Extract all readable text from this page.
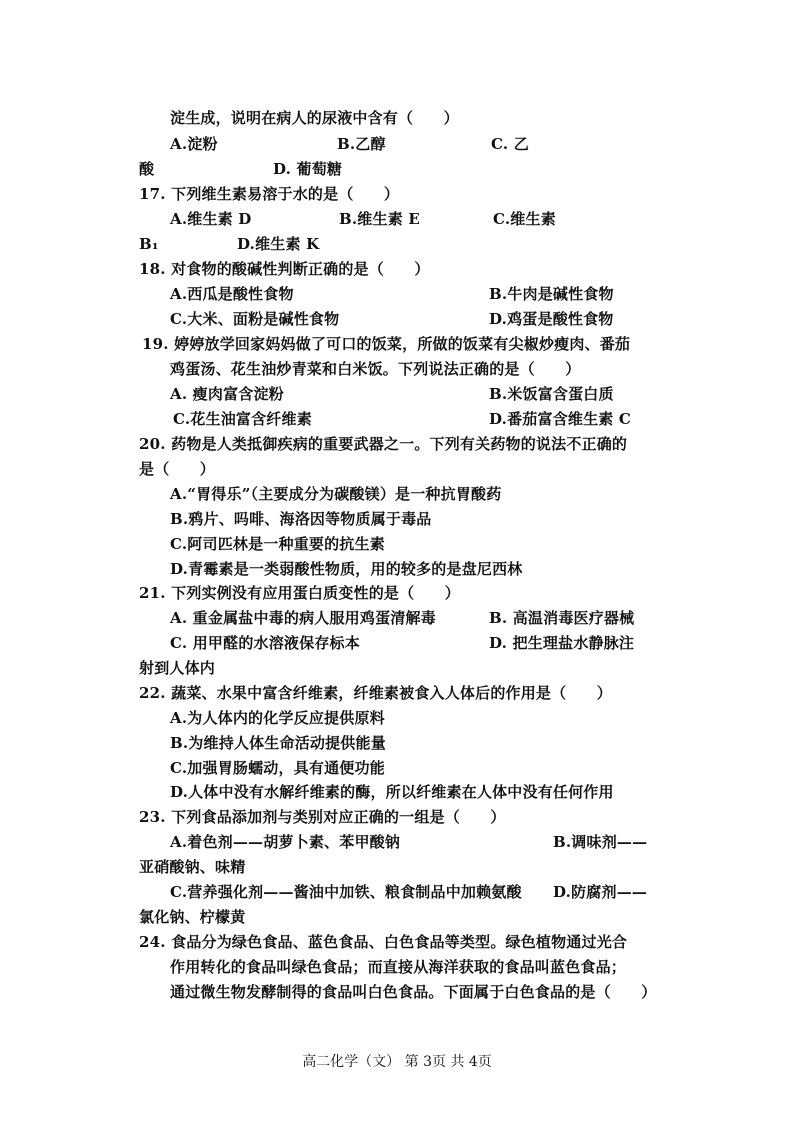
淀生成，说明在病人的尿液中含有（　　）
A.淀粉	B.乙醇	C. 乙
酸	D. 葡萄糖
17. 下列维生素易溶于水的是（　　）
A.维生素 D	B.维生素 E	C.维生素
B₁	D.维生素 K
18. 对食物的酸碱性判断正确的是（　　）
A.西瓜是酸性食物	B.牛肉是碱性食物
C.大米、面粉是碱性食物	D.鸡蛋是酸性食物
19. 婷婷放学回家妈妈做了可口的饭菜，所做的饭菜有尖椒炒瘦肉、番茄
鸡蛋汤、花生油炒青菜和白米饭。下列说法正确的是（　　）
A. 瘦肉富含淀粉	B.米饭富含蛋白质
C.花生油富含纤维素	D.番茄富含维生素 C
20. 药物是人类抵御疾病的重要武器之一。下列有关药物的说法不正确的
是（　　）
A.“胃得乐”（主要成分为碳酸镁）是一种抗胃酸药
B.鸦片、吗啡、海洛因等物质属于毒品
C.阿司匹林是一种重要的抗生素
D.青霉素是一类弱酸性物质，用的较多的是盘尼西林
21. 下列实例没有应用蛋白质变性的是（　　）
A. 重金属盐中毒的病人服用鸡蛋清解毒	B. 高温消毒医疗器械
C. 用甲醛的水溶液保存标本	D. 把生理盐水静脉注
射到人体内
22. 蔬菜、水果中富含纤维素，纤维素被食入人体后的作用是（　　）
A.为人体内的化学反应提供原料
B.为维持人体生命活动提供能量
C.加强胃肠蠕动，具有通便功能
D.人体中没有水解纤维素的酶，所以纤维素在人体中没有任何作用
23. 下列食品添加剂与类别对应正确的一组是（　　）
A.着色剂——胡萝卜素、苯甲酸钠	B.调味剂——
亚硝酸钠、味精
C.营养强化剂——酱油中加铁、粮食制品中加赖氨酸 D.防腐剂——
氯化钠、柠檬黄
24. 食品分为绿色食品、蓝色食品、白色食品等类型。绿色植物通过光合
作用转化的食品叫绿色食品；而直接从海洋获取的食品叫蓝色食品；
通过微生物发酵制得的食品叫白色食品。下面属于白色食品的是（　　）
高二化学（文） 第 3页 共 4页
